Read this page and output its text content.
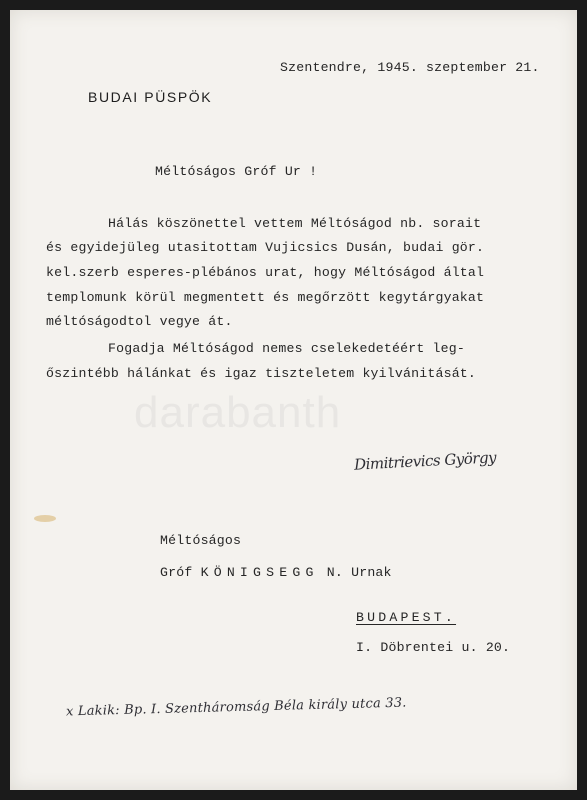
darabanth
Szentendre, 1945. szeptember 21.
BUDAI PÜSPÖK
Méltóságos Gróf Ur !
Hálás köszönettel vettem Méltóságod nb. sorait
és egyidejüleg utasitottam Vujicsics Dusán, budai gör.
kel.szerb esperes-plébános urat, hogy Méltóságod által
templomunk körül megmentett és megőrzött kegytárgyakat
méltóságodtol vegye át.
Fogadja Méltóságod nemes cselekedetéért leg-
őszintébb hálánkat és igaz tiszteletem kyilvánitását.
Dimitrievics György
Méltóságos
Gróf KÖNIGSEGG N. Urnak
BUDAPEST.
I. Döbrentei u. 20.
x Lakik: Bp. I. Szentháromság Béla király utca 33.
